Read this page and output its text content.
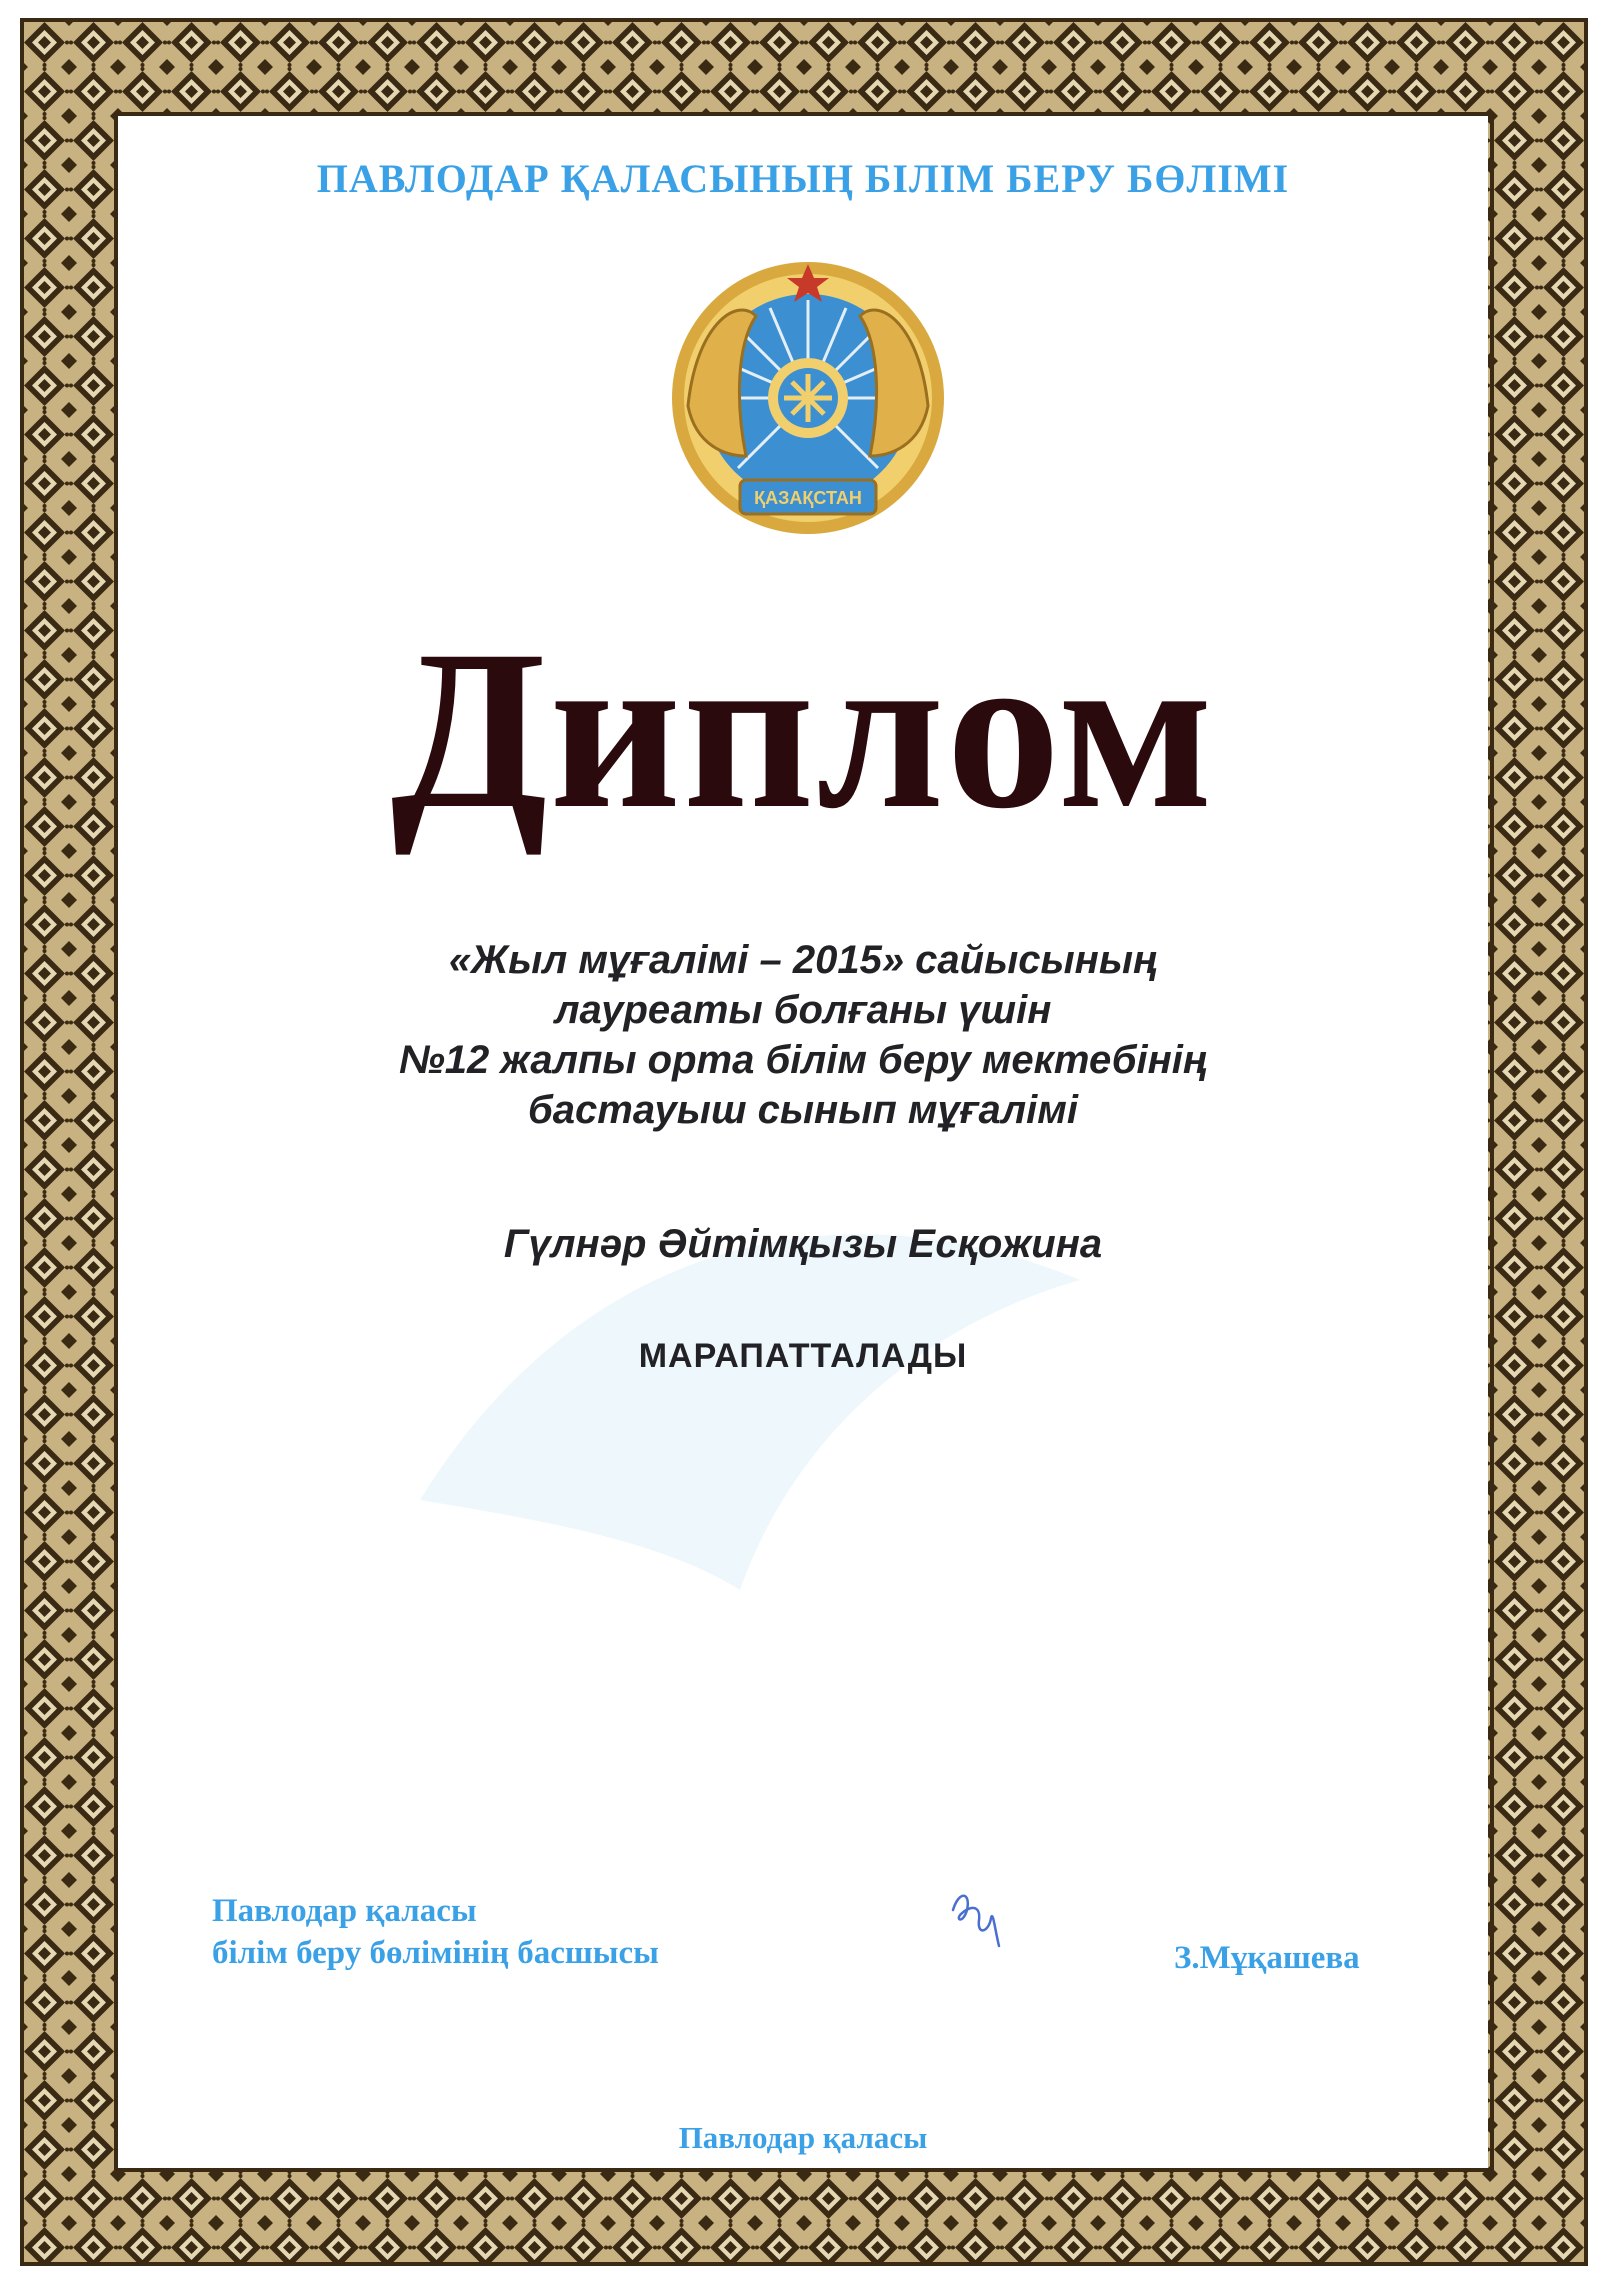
ПАВЛОДАР ҚАЛАСЫНЫҢ БІЛІМ БЕРУ БӨЛІМІ
ҚАЗАҚСТАН
Диплом
«Жыл мұғалімі – 2015» сайысының
лауреаты болғаны үшін
№12 жалпы орта білім беру мектебінің
бастауыш сынып мұғалімі
Гүлнәр Әйтімқызы Есқожина
МАРАПАТТАЛАДЫ
Павлодар қаласы
білім беру бөлімінің басшысы	З.Мұқашева
Павлодар қаласы
